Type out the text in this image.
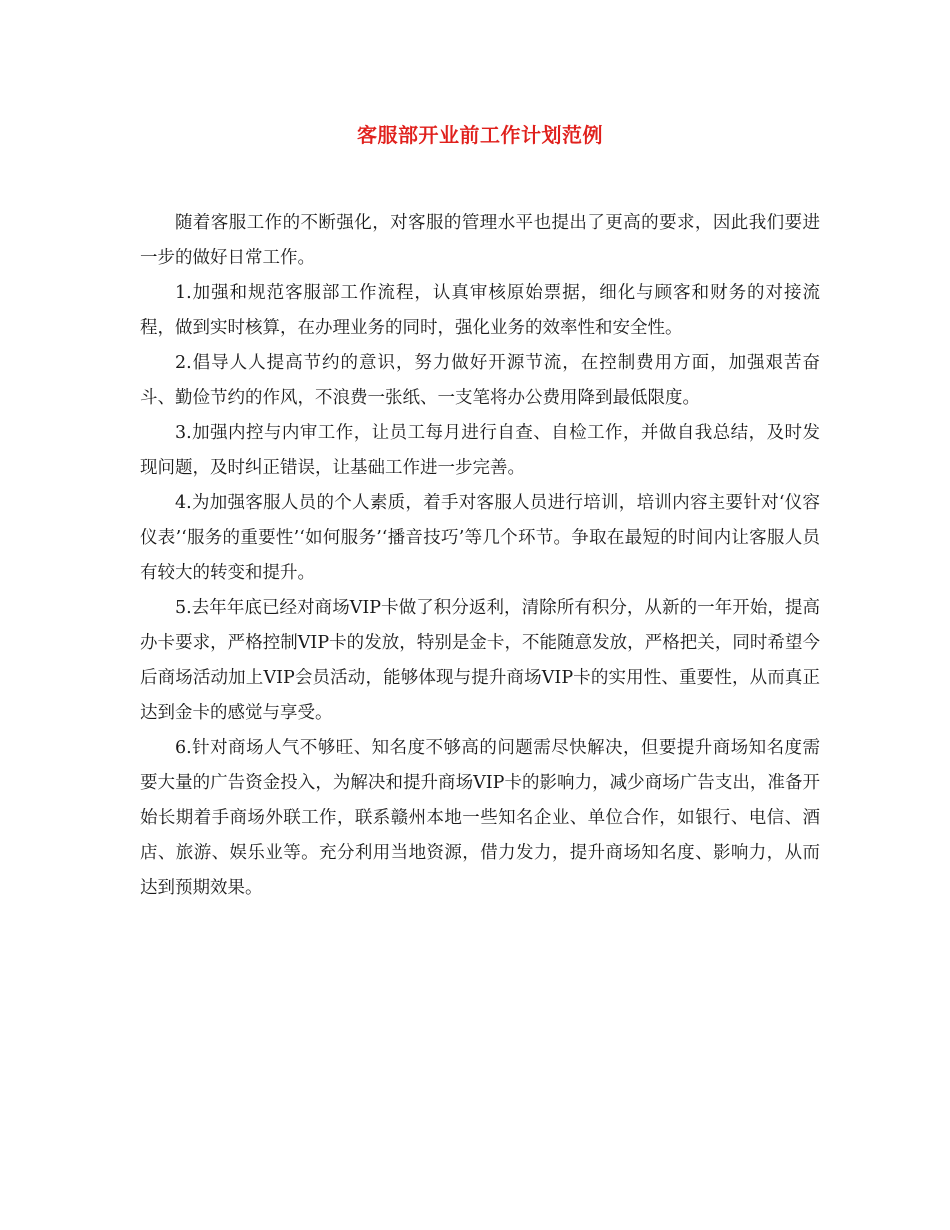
客服部开业前工作计划范例

随着客服工作的不断强化，对客服的管理水平也提出了更高的要求，因此我们要进一步的做好日常工作。

1.加强和规范客服部工作流程，认真审核原始票据，细化与顾客和财务的对接流程，做到实时核算，在办理业务的同时，强化业务的效率性和安全性。

2.倡导人人提高节约的意识，努力做好开源节流，在控制费用方面，加强艰苦奋斗、勤俭节约的作风，不浪费一张纸、一支笔将办公费用降到最低限度。

3.加强内控与内审工作，让员工每月进行自查、自检工作，并做自我总结，及时发现问题，及时纠正错误，让基础工作进一步完善。

4.为加强客服人员的个人素质，着手对客服人员进行培训，培训内容主要针对‘仪容仪表’‘服务的重要性’‘如何服务’‘播音技巧’等几个环节。争取在最短的时间内让客服人员有较大的转变和提升。

5.去年年底已经对商场VIP卡做了积分返利，清除所有积分，从新的一年开始，提高办卡要求，严格控制VIP卡的发放，特别是金卡，不能随意发放，严格把关，同时希望今后商场活动加上VIP会员活动，能够体现与提升商场VIP卡的实用性、重要性，从而真正达到金卡的感觉与享受。

6.针对商场人气不够旺、知名度不够高的问题需尽快解决，但要提升商场知名度需要大量的广告资金投入，为解决和提升商场VIP卡的影响力，减少商场广告支出，准备开始长期着手商场外联工作，联系赣州本地一些知名企业、单位合作，如银行、电信、酒店、旅游、娱乐业等。充分利用当地资源，借力发力，提升商场知名度、影响力，从而达到预期效果。
